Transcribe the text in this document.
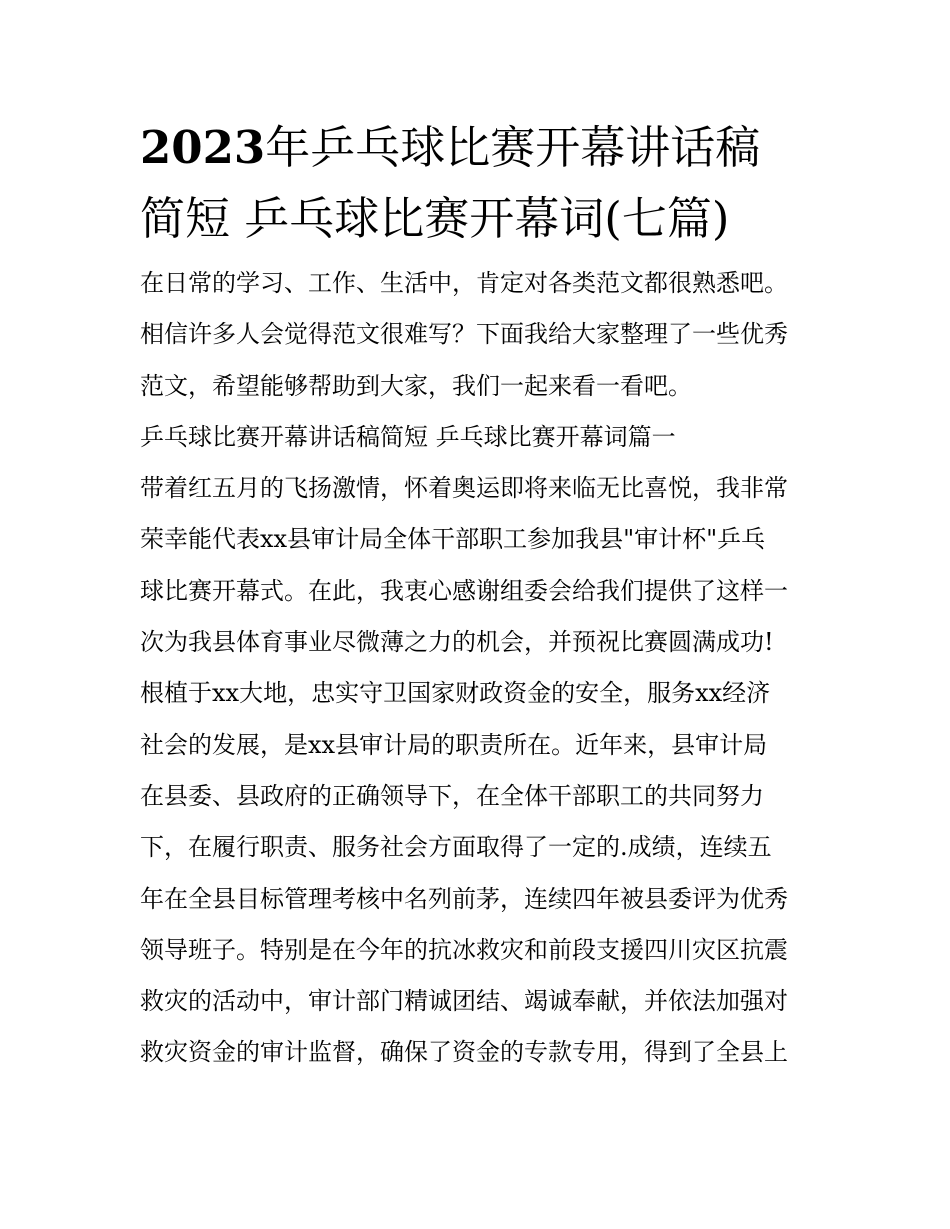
2023年乒乓球比赛开幕讲话稿
简短 乒乓球比赛开幕词(七篇)
在日常的学习、工作、生活中，肯定对各类范文都很熟悉吧。
相信许多人会觉得范文很难写？下面我给大家整理了一些优秀
范文，希望能够帮助到大家，我们一起来看一看吧。
乒乓球比赛开幕讲话稿简短 乒乓球比赛开幕词篇一
带着红五月的飞扬激情，怀着奥运即将来临无比喜悦，我非常
荣幸能代表xx县审计局全体干部职工参加我县"审计杯"乒乓
球比赛开幕式。在此，我衷心感谢组委会给我们提供了这样一
次为我县体育事业尽微薄之力的机会，并预祝比赛圆满成功!
根植于xx大地，忠实守卫国家财政资金的安全，服务xx经济
社会的发展，是xx县审计局的职责所在。近年来，县审计局
在县委、县政府的正确领导下，在全体干部职工的共同努力
下，在履行职责、服务社会方面取得了一定的.成绩，连续五
年在全县目标管理考核中名列前茅，连续四年被县委评为优秀
领导班子。特别是在今年的抗冰救灾和前段支援四川灾区抗震
救灾的活动中，审计部门精诚团结、竭诚奉献，并依法加强对
救灾资金的审计监督，确保了资金的专款专用，得到了全县上
